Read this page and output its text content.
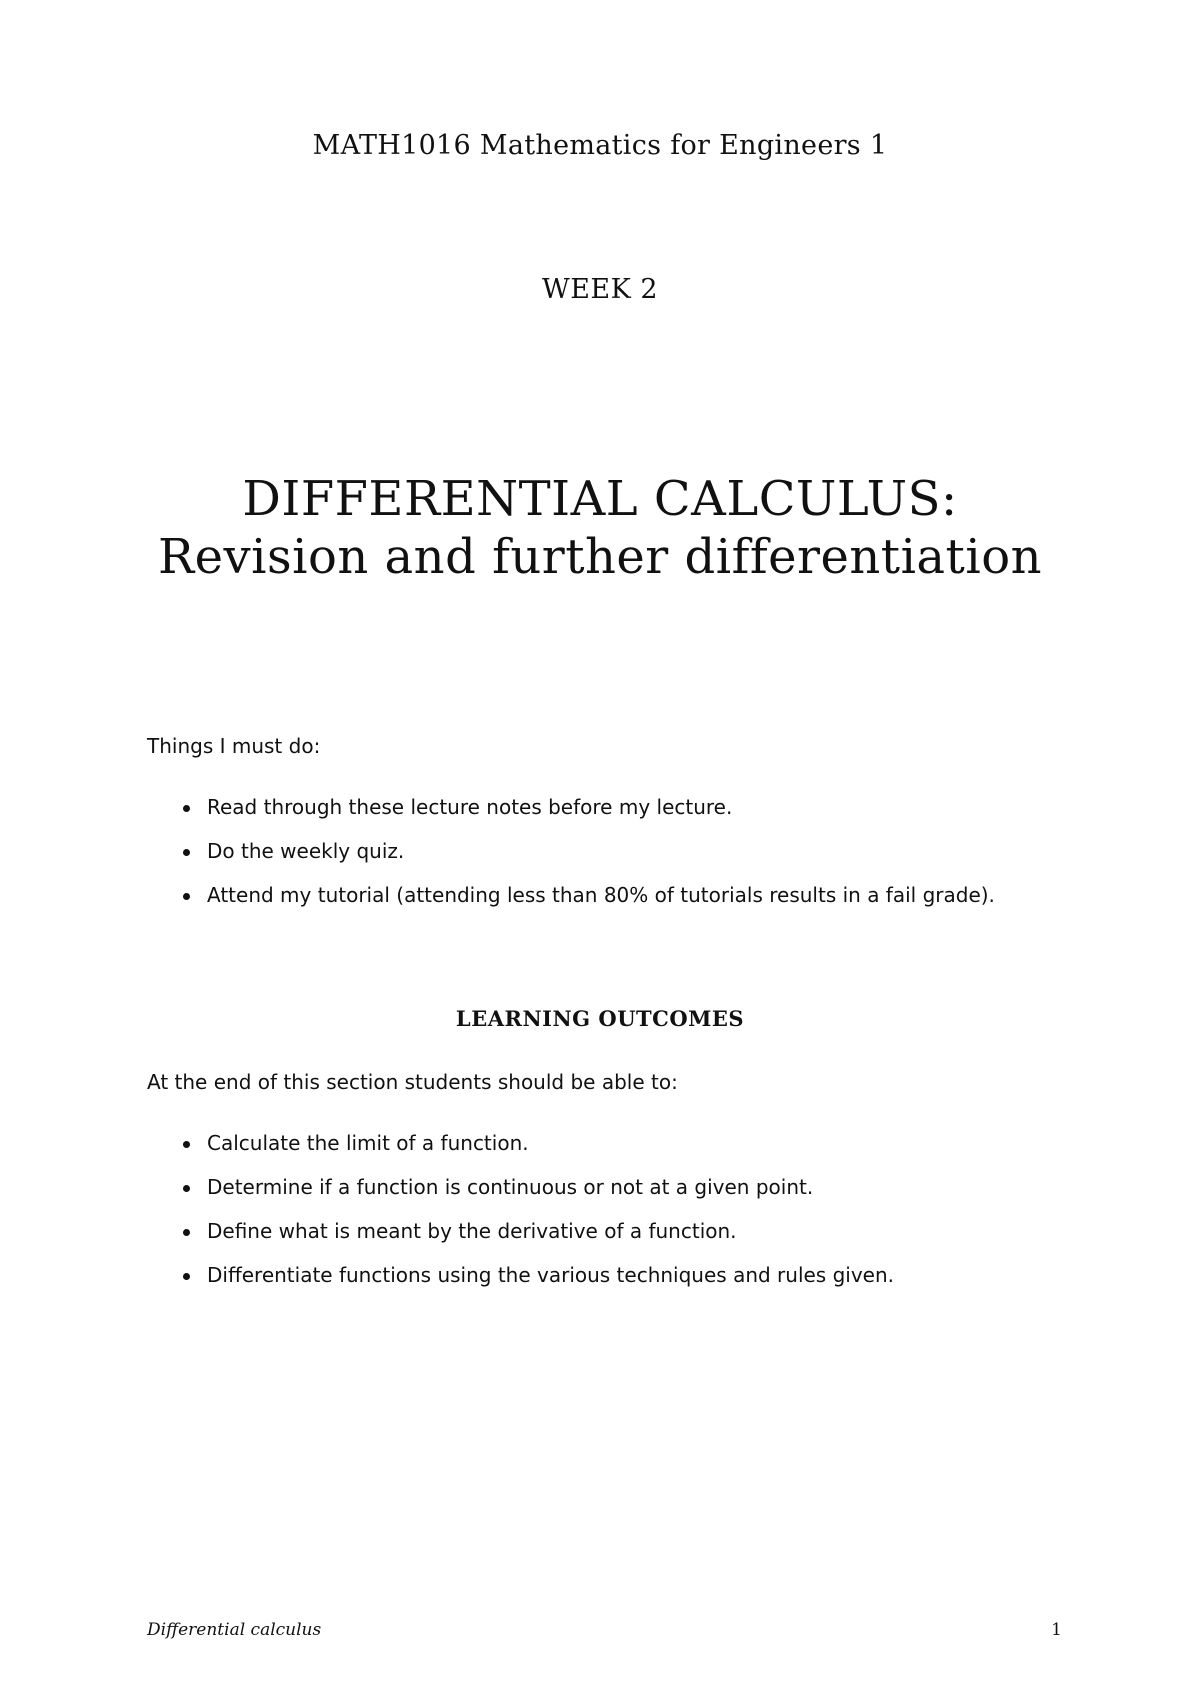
MATH1016 Mathematics for Engineers 1
WEEK 2
DIFFERENTIAL CALCULUS:
Revision and further differentiation
Things I must do:
Read through these lecture notes before my lecture.
Do the weekly quiz.
Attend my tutorial (attending less than 80% of tutorials results in a fail grade).
LEARNING OUTCOMES
At the end of this section students should be able to:
Calculate the limit of a function.
Determine if a function is continuous or not at a given point.
Define what is meant by the derivative of a function.
Differentiate functions using the various techniques and rules given.
Differential calculus	1
